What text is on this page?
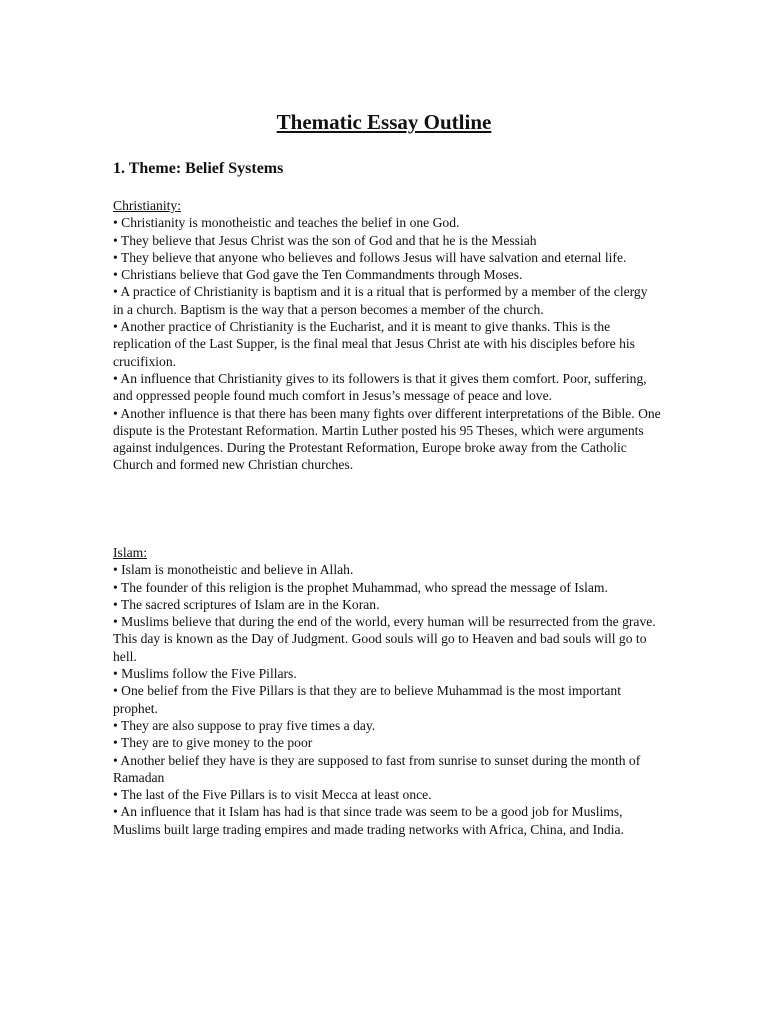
Thematic Essay Outline
1. Theme: Belief Systems
Christianity:
• Christianity is monotheistic and teaches the belief in one God.
• They believe that Jesus Christ was the son of God and that he is the Messiah
• They believe that anyone who believes and follows Jesus will have salvation and eternal life.
• Christians believe that God gave the Ten Commandments through Moses.
• A practice of Christianity is baptism and it is a ritual that is performed by a member of the clergy in a church. Baptism is the way that a person becomes a member of the church.
• Another practice of Christianity is the Eucharist, and it is meant to give thanks. This is the replication of the Last Supper, is the final meal that Jesus Christ ate with his disciples before his crucifixion.
• An influence that Christianity gives to its followers is that it gives them comfort. Poor, suffering, and oppressed people found much comfort in Jesus’s message of peace and love.
• Another influence is that there has been many fights over different interpretations of the Bible. One dispute is the Protestant Reformation. Martin Luther posted his 95 Theses, which were arguments against indulgences. During the Protestant Reformation, Europe broke away from the Catholic Church and formed new Christian churches.
Islam:
• Islam is monotheistic and believe in Allah.
• The founder of this religion is the prophet Muhammad, who spread the message of Islam.
• The sacred scriptures of Islam are in the Koran.
• Muslims believe that during the end of the world, every human will be resurrected from the grave. This day is known as the Day of Judgment. Good souls will go to Heaven and bad souls will go to hell.
• Muslims follow the Five Pillars.
• One belief from the Five Pillars is that they are to believe Muhammad is the most important prophet.
• They are also suppose to pray five times a day.
• They are to give money to the poor
• Another belief they have is they are supposed to fast from sunrise to sunset during the month of Ramadan
• The last of the Five Pillars is to visit Mecca at least once.
• An influence that it Islam has had is that since trade was seem to be a good job for Muslims, Muslims built large trading empires and made trading networks with Africa, China, and India.
